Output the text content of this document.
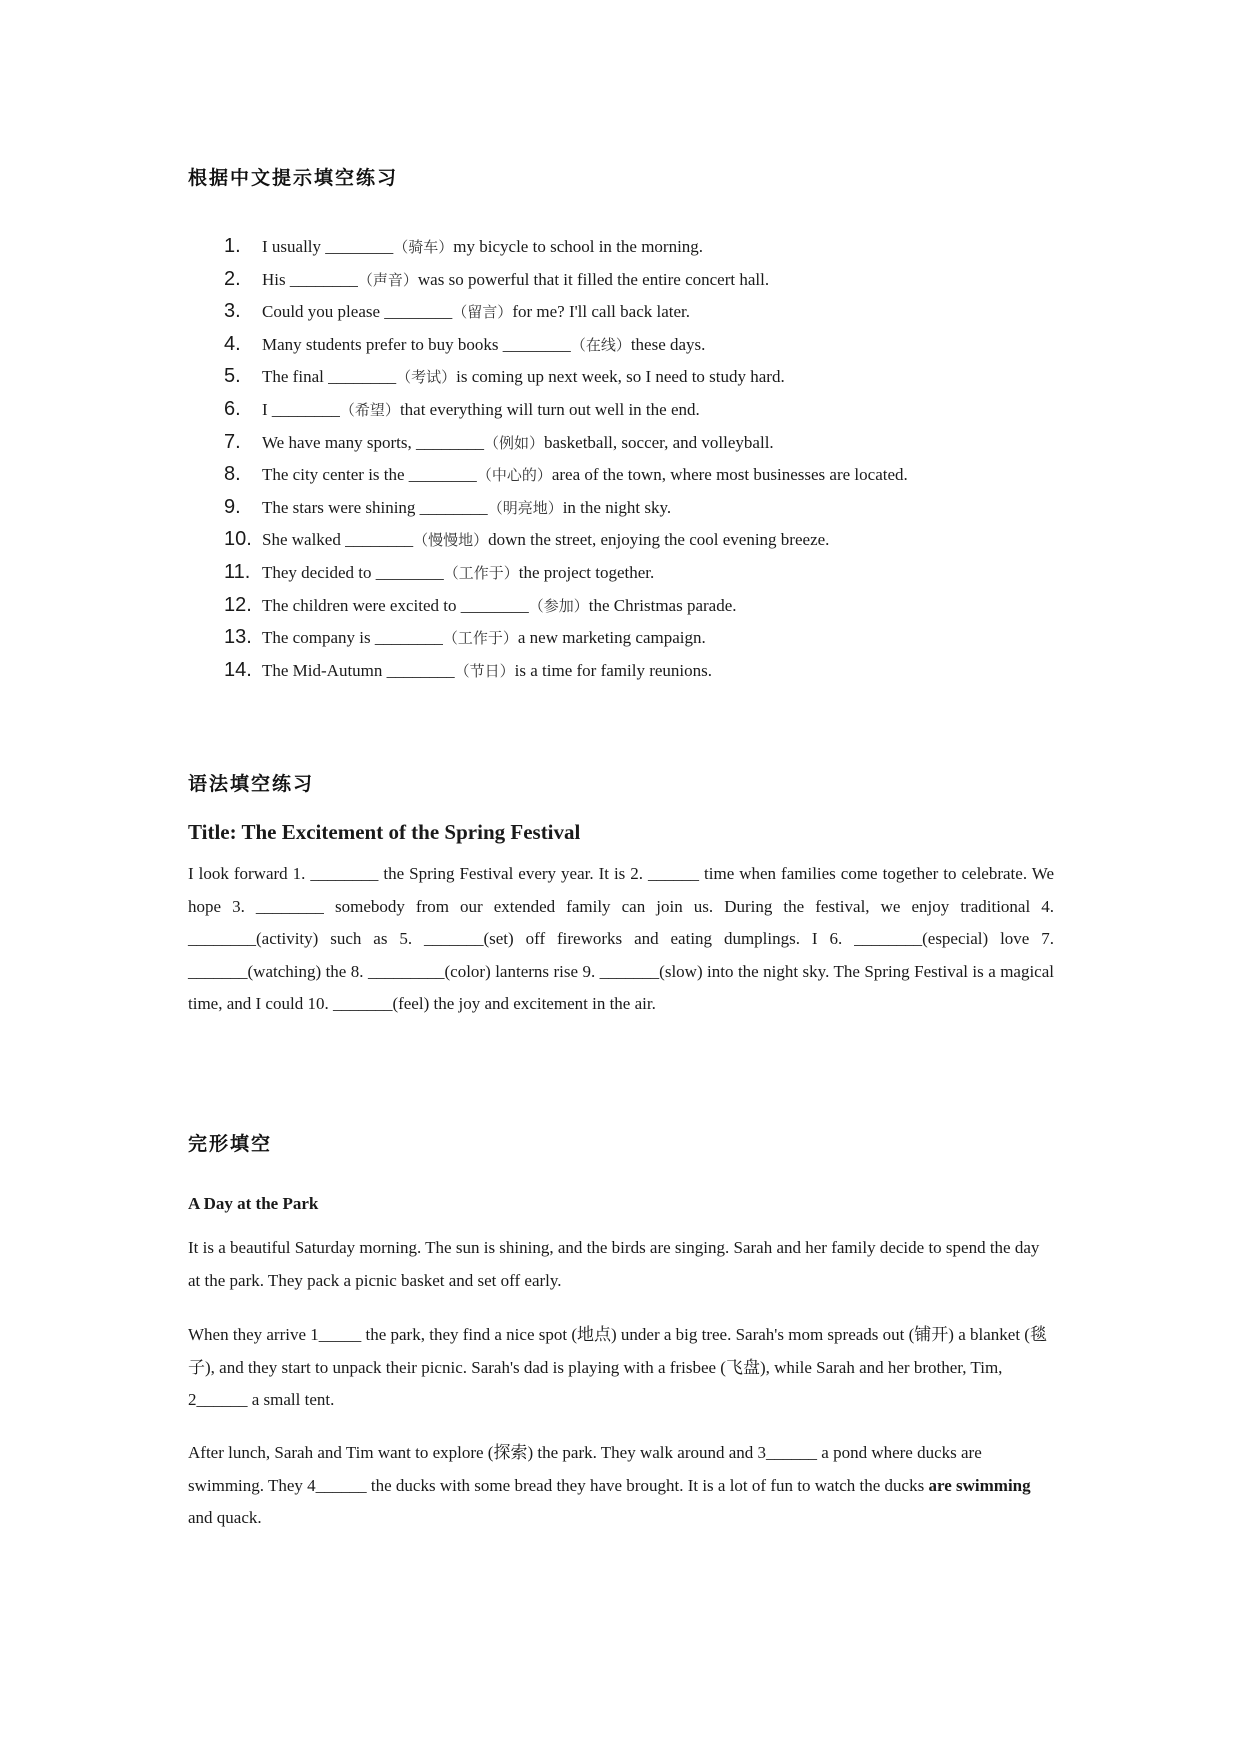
根据中文提示填空练习
1. I usually ________（骑车）my bicycle to school in the morning.
2. His ________（声音）was so powerful that it filled the entire concert hall.
3. Could you please ________（留言）for me? I'll call back later.
4. Many students prefer to buy books ________（在线）these days.
5. The final ________（考试）is coming up next week, so I need to study hard.
6. I ________（希望）that everything will turn out well in the end.
7. We have many sports, ________（例如）basketball, soccer, and volleyball.
8. The city center is the ________（中心的）area of the town, where most businesses are located.
9. The stars were shining ________（明亮地）in the night sky.
10. She walked ________（慢慢地）down the street, enjoying the cool evening breeze.
11. They decided to ________（工作于）the project together.
12. The children were excited to ________（参加）the Christmas parade.
13. The company is ________（工作于）a new marketing campaign.
14. The Mid-Autumn ________（节日）is a time for family reunions.
语法填空练习
Title: The Excitement of the Spring Festival
I look forward 1. ________ the Spring Festival every year. It is 2. ______ time when families come together to celebrate. We hope 3. ________ somebody from our extended family can join us. During the festival, we enjoy traditional 4. ________(activity) such as 5. _______(set) off fireworks and eating dumplings. I 6. ________(especial) love 7. _______(watching) the 8. _________(color) lanterns rise 9. _______(slow) into the night sky. The Spring Festival is a magical time, and I could 10. _______(feel) the joy and excitement in the air.
完形填空
A Day at the Park
It is a beautiful Saturday morning. The sun is shining, and the birds are singing. Sarah and her family decide to spend the day at the park. They pack a picnic basket and set off early.
When they arrive 1_____ the park, they find a nice spot (地点) under a big tree. Sarah's mom spreads out (铺开) a blanket (毯子), and they start to unpack their picnic. Sarah's dad is playing with a frisbee (飞盘), while Sarah and her brother, Tim, 2______ a small tent.
After lunch, Sarah and Tim want to explore (探索) the park. They walk around and 3______ a pond where ducks are swimming. They 4______ the ducks with some bread they have brought. It is a lot of fun to watch the ducks are swimming and quack.
